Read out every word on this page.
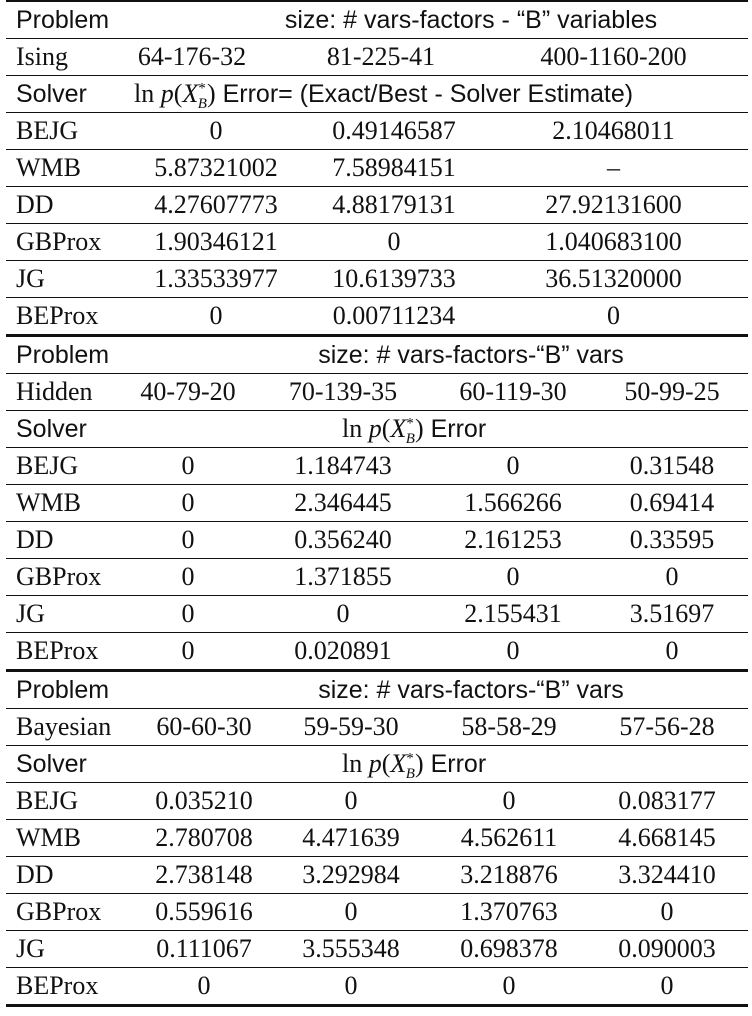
Problem	size: # vars-factors - “B” variables
Ising	64-176-32	81-225-41	400-1160-200
Solver $\ln p(X^*_B)$ Error= (Exact/Best - Solver Estimate)
BEJG	0	0.49146587	2.10468011
WMB	5.87321002	7.58984151	–
DD	4.27607773	4.88179131	27.92131600
GBProx	1.90346121	0	1.040683100
JG	1.33533977	10.6139733	36.51320000
BEProx	0	0.00711234	0
Problem	size: # vars-factors-“B” vars
Hidden	40-79-20	70-139-35	60-119-30	50-99-25
Solver	$\ln p(X^*_B)$ Error
BEJG	0	1.184743	0	0.31548
WMB	0	2.346445	1.566266	0.69414
DD	0	0.356240	2.161253	0.33595
GBProx	0	1.371855	0	0
JG	0	0	2.155431	3.51697
BEProx	0	0.020891	0	0
Problem	size: # vars-factors-“B” vars
Bayesian	60-60-30	59-59-30	58-58-29	57-56-28
Solver	$\ln p(X^*_B)$ Error
BEJG	0.035210	0	0	0.083177
WMB	2.780708	4.471639	4.562611	4.668145
DD	2.738148	3.292984	3.218876	3.324410
GBProx	0.559616	0	1.370763	0
JG	0.111067	3.555348	0.698378	0.090003
BEProx	0	0	0	0
